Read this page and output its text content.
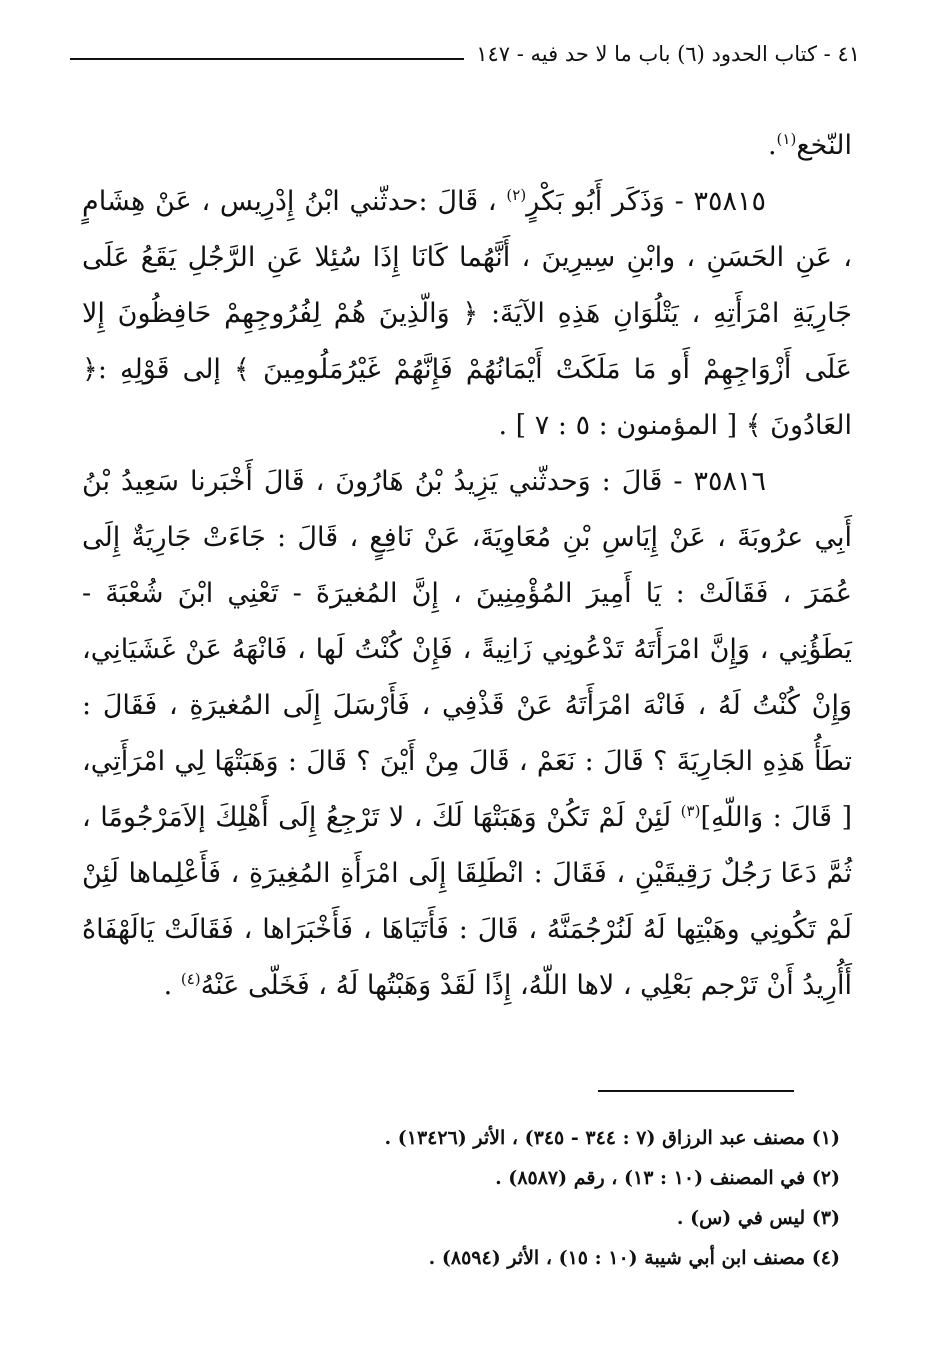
٤١ - كتاب الحدود (٦) باب ما لا حد فيه - ١٤٧

النّخع$^{(١)}$.

٣٥٨١٥ - وَذَكَر أَبُو بَكْرٍ$^{(٢)}$ ، قَالَ :حدثّني ابْنُ إِدْرِيس ، عَنْ هِشَامٍ ، عَنِ الحَسَنِ ، وابْنِ سِيرِينَ ، أَنَّهُما كَانَا إِذَا سُئِلا عَنِ الرَّجُلِ يَقَعُ عَلَى جَارِيَةِ امْرَأَتِهِ ، يَتْلُوَانِ هَذِهِ الآيَةَ: ﴿ وَالّذِينَ هُمْ لِفُرُوجِهِمْ حَافِظُونَ إِلا عَلَى أَزْوَاجِهِمْ أَو مَا مَلَكَتْ أَيْمَانُهُمْ فَإِنَّهُمْ غَيْرُمَلُومِينَ ﴾ إلى قَوْلِهِ :﴿ العَادُونَ ﴾ [ المؤمنون : ٥ : ٧ ] .

٣٥٨١٦ - قَالَ : وَحدثّني يَزِيدُ بْنُ هَارُونَ ، قَالَ أَخْبَرنا سَعِيدُ بْنُ أَبِي عرُوبَةَ ، عَنْ إِيَاسِ بْنِ مُعَاوِيَةَ، عَنْ نَافِعٍ ، قَالَ : جَاءَتْ جَارِيَةٌ إِلَى عُمَرَ ، فَقَالَتْ : يَا أَمِيرَ المُؤْمِنِينَ ، إِنَّ المُغيرَةَ - تَعْنِي ابْنَ شُعْبَةَ - يَطَؤُنِي ، وَإِنَّ امْرَأَتَهُ تَدْعُونِي زَانِيةً ، فَإِنْ كُنْتُ لَها ، فَانْهَهُ عَنْ غَشَيَانِي، وَإِنْ كُنْتُ لَهُ ، فَانْهَ امْرَأَتَهُ عَنْ قَذْفِي ، فَأَرْسَلَ إِلَى المُغيرَةِ ، فَقَالَ : تطَأُ هَذِهِ الجَارِيَةَ ؟ قَالَ : نَعَمْ ، قَالَ مِنْ أَيْنَ ؟ قَالَ : وَهَبَتْهَا لِي امْرَأَتِي، [ قَالَ : وَاللّهِ]$^{(٣)}$ لَئِنْ لَمْ تَكُنْ وَهَبَتْهَا لَكَ ، لا تَرْجِعُ إِلَى أَهْلِكَ إلاَمَرْجُومًا ، ثُمَّ دَعَا رَجُلٌ رَقِيقَيْنِ ، فَقَالَ : انْطَلِقَا إِلَى امْرَأَةِ المُغِيرَةِ ، فَأَعْلِماها لَئِنْ لَمْ تَكُونِي وهَبْتِها لَهُ لَنُرْجُمَنَّهُ ، قَالَ : فَأَتَيَاهَا ، فَأَخْبَرَاها ، فَقَالَتْ يَالَهْفَاهُ أَأُرِيدُ أَنْ تَرْجم بَعْلِي ، لاها اللّهُ، إِذًا لَقَدْ وَهَبْتُها لَهُ ، فَخَلّى عَنْهُ$^{(٤)}$ .

(١) مصنف عبد الرزاق (٧ : ٣٤٤ - ٣٤٥) ، الأثر (١٣٤٢٦) .

(٢) في المصنف (١٠ : ١٣) ، رقم (٨٥٨٧) .

(٣) ليس في (س) .

(٤) مصنف ابن أبي شيبة (١٠ : ١٥) ، الأثر (٨٥٩٤) .
